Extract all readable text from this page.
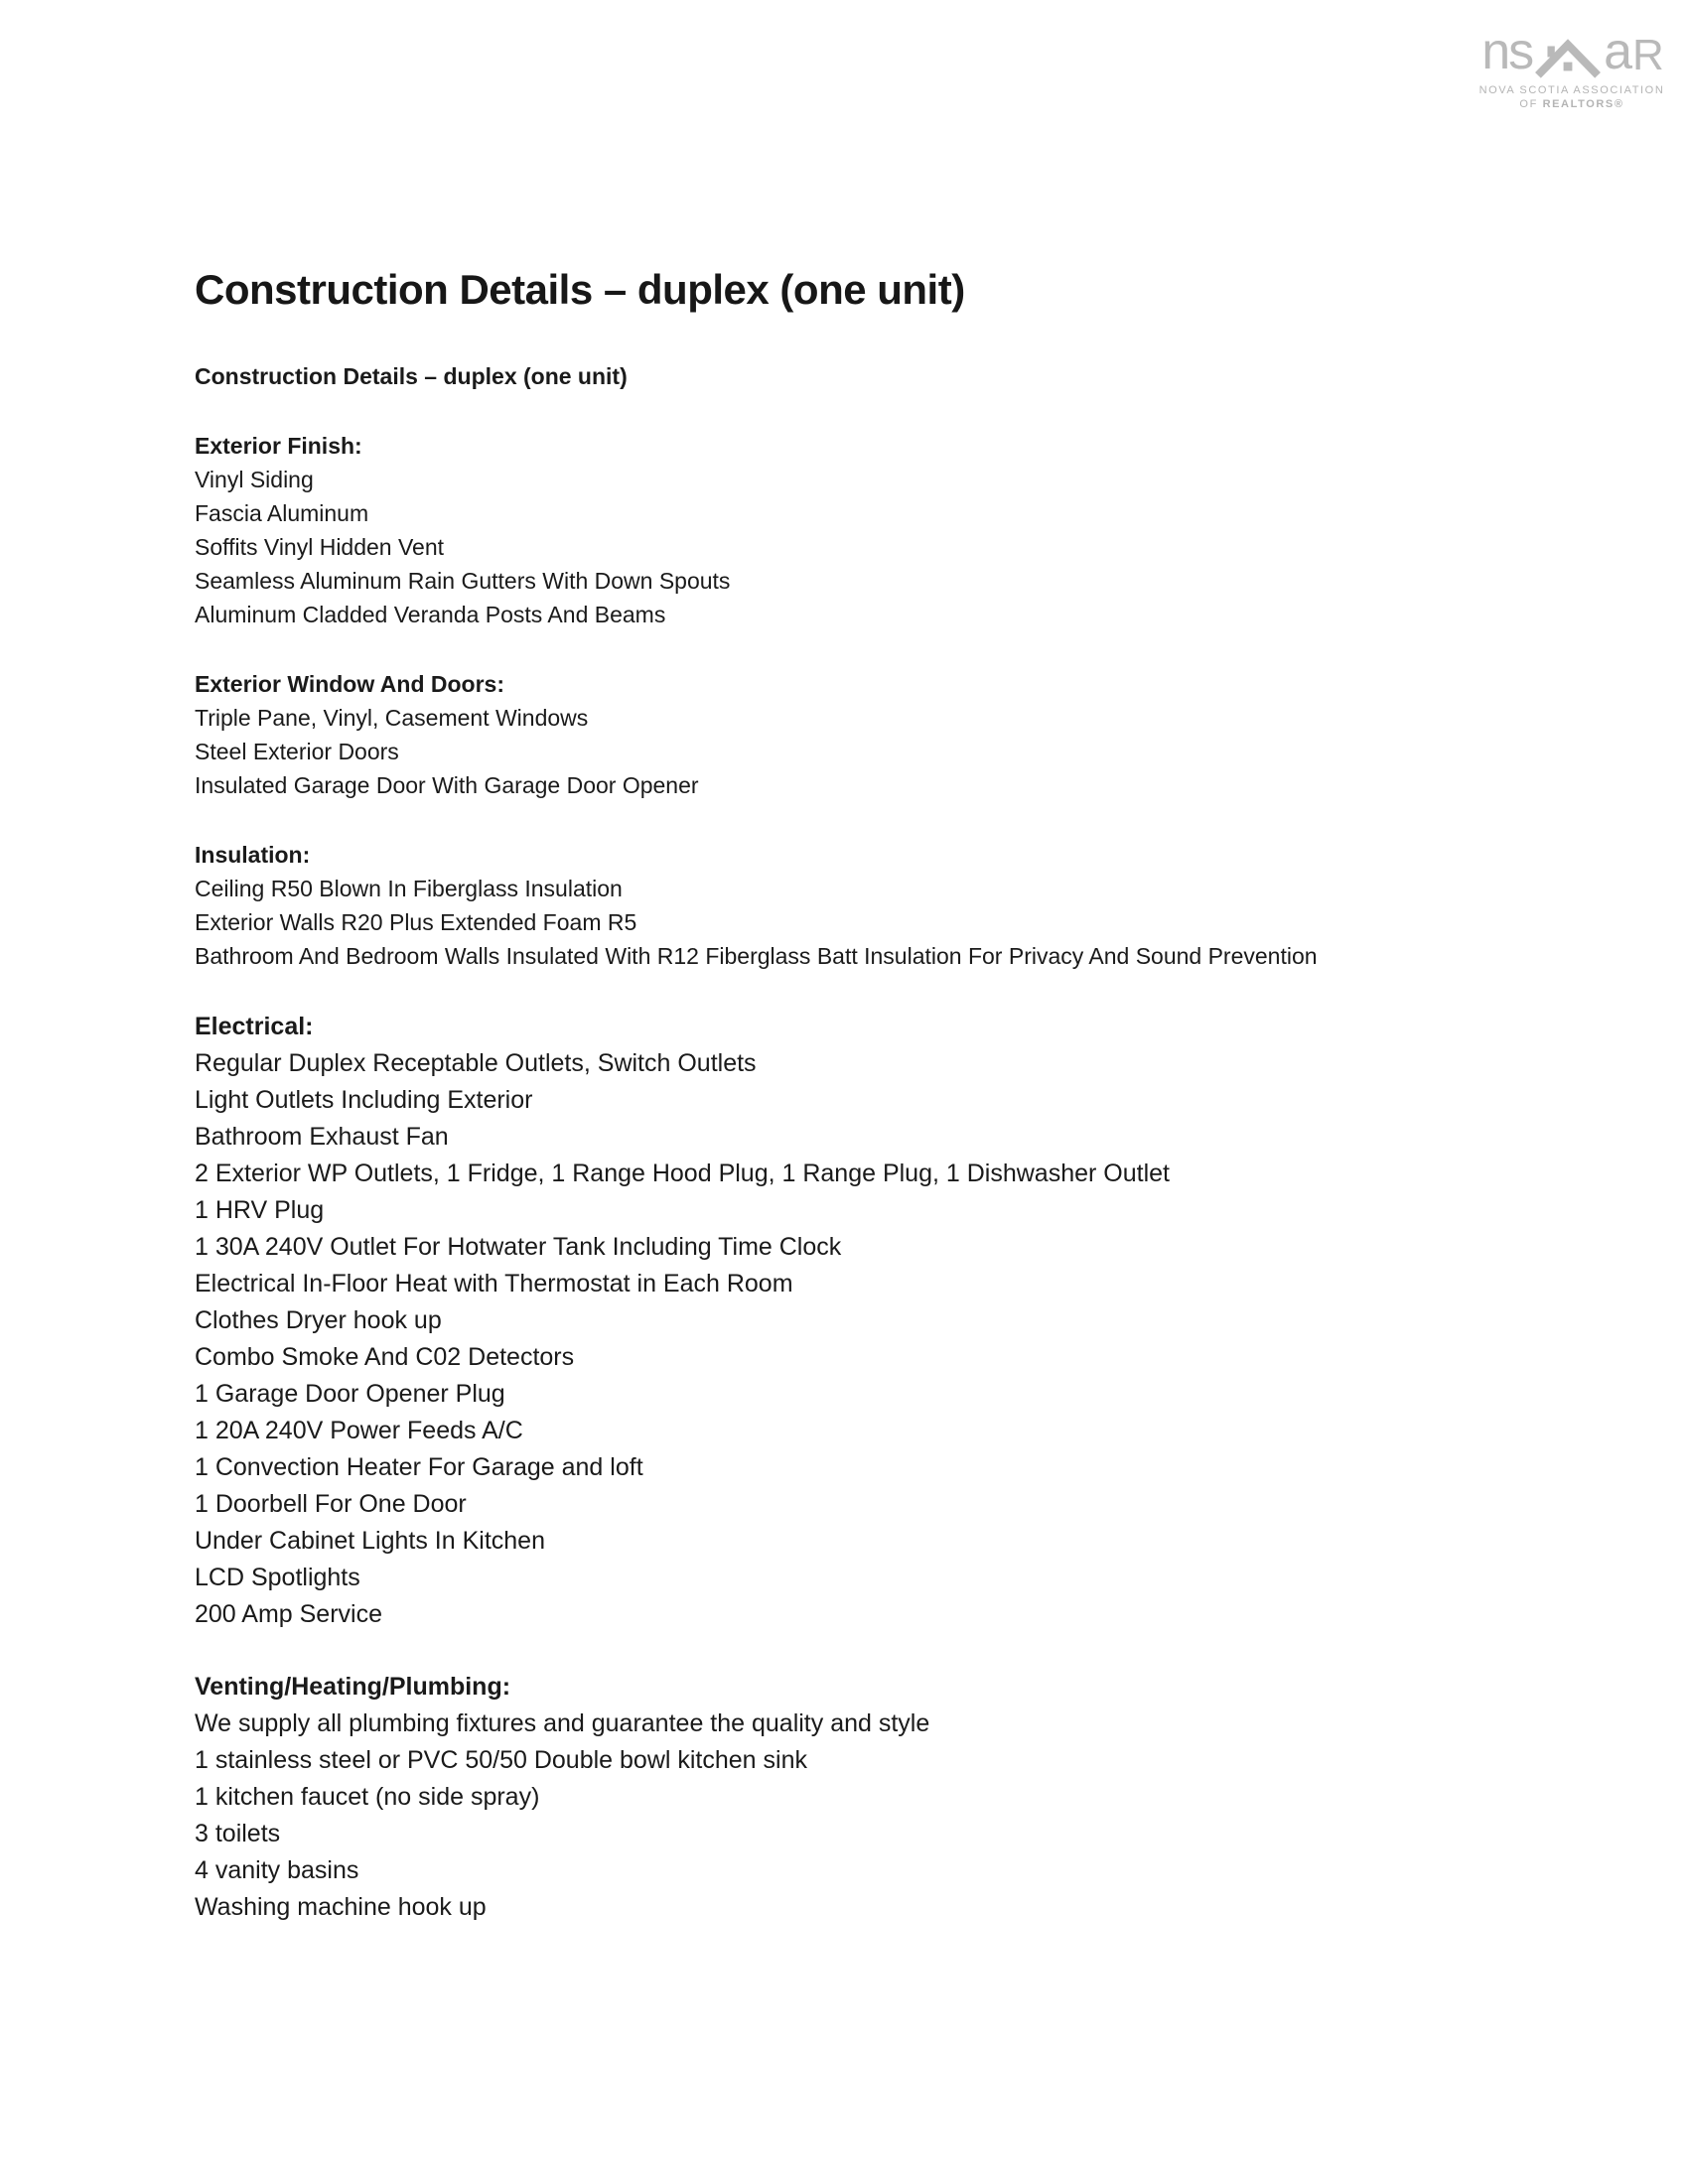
ns a R
NOVA SCOTIA ASSOCIATION
OF REALTORS®
Construction Details – duplex (one unit)
Construction Details – duplex (one unit)
Exterior Finish:
Vinyl Siding
Fascia Aluminum
Soffits Vinyl Hidden Vent
Seamless Aluminum Rain Gutters With Down Spouts
Aluminum Cladded Veranda Posts And Beams
Exterior Window And Doors:
Triple Pane, Vinyl, Casement Windows
Steel Exterior Doors
Insulated Garage Door With Garage Door Opener
Insulation:
Ceiling R50 Blown In Fiberglass Insulation
Exterior Walls R20 Plus Extended Foam R5
Bathroom And Bedroom Walls Insulated With R12 Fiberglass Batt Insulation For Privacy And Sound Prevention
Electrical:
Regular Duplex Receptable Outlets, Switch Outlets
Light Outlets Including Exterior
Bathroom Exhaust Fan
2 Exterior WP Outlets, 1 Fridge, 1 Range Hood Plug, 1 Range Plug, 1 Dishwasher Outlet
1 HRV Plug
1 30A 240V Outlet For Hotwater Tank Including Time Clock
Electrical In-Floor Heat with Thermostat in Each Room
Clothes Dryer hook up
Combo Smoke And C02 Detectors
1 Garage Door Opener Plug
1 20A 240V Power Feeds A/C
1 Convection Heater For Garage and loft
1 Doorbell For One Door
Under Cabinet Lights In Kitchen
LCD Spotlights
200 Amp Service
Venting/Heating/Plumbing:
We supply all plumbing fixtures and guarantee the quality and style
1 stainless steel or PVC 50/50 Double bowl kitchen sink
1 kitchen faucet (no side spray)
3 toilets
4 vanity basins
Washing machine hook up
